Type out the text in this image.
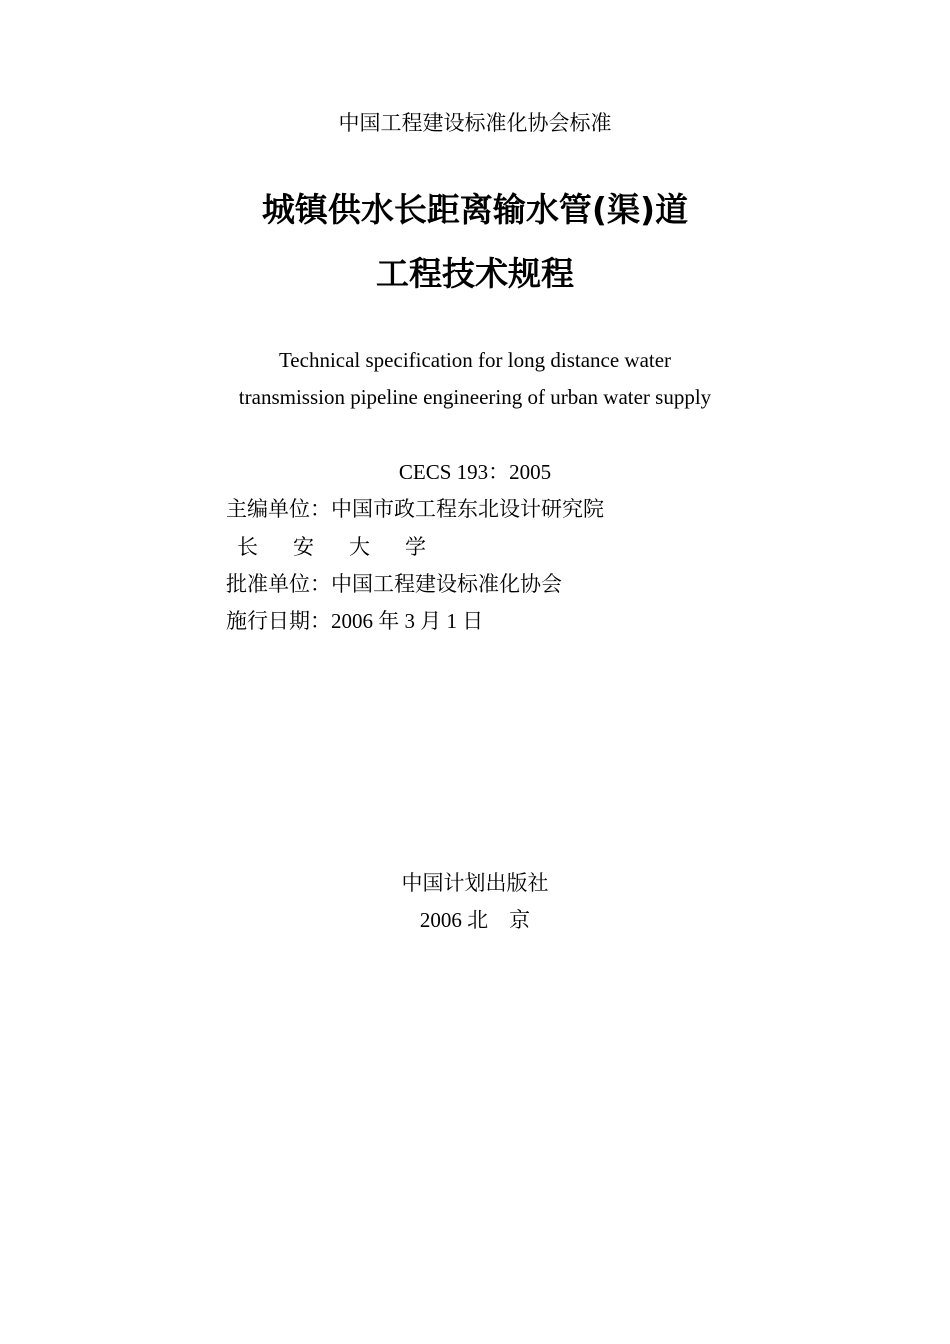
中国工程建设标准化协会标准
城镇供水长距离输水管(渠)道
工程技术规程
Technical specification for long distance water
transmission pipeline engineering of urban water supply
CECS 193：2005
主编单位：中国市政工程东北设计研究院
长 安 大 学
批准单位：中国工程建设标准化协会
施行日期：2006 年 3 月 1 日
中国计划出版社
2006 北　京
